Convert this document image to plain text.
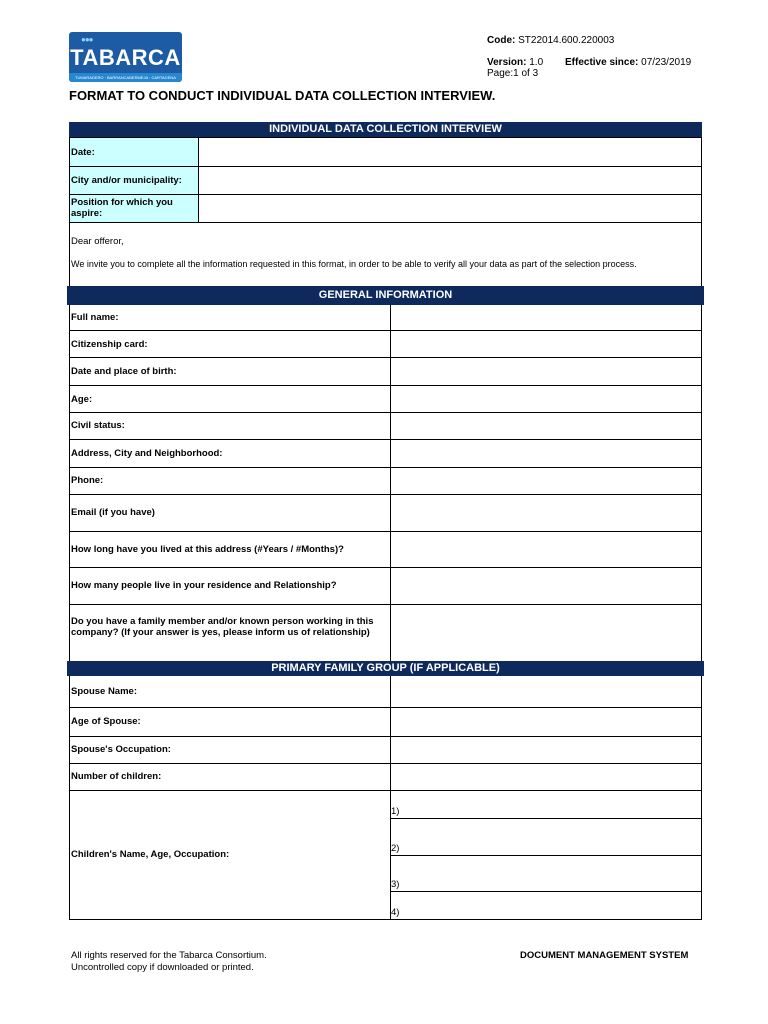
●●●
TABARCA
TUMARADERO · BARRANCABERMEJA · CARTAGENA
Code: ST22014.600.220003
Version: 1.0 Effective since: 07/23/2019
Page:1 of 3
FORMAT TO CONDUCT INDIVIDUAL DATA COLLECTION INTERVIEW.
INDIVIDUAL DATA COLLECTION INTERVIEW
Date:
City and/or municipality:
Position for which you aspire:
Dear offeror,
We invite you to complete all the information requested in this format, in order to be able to verify all your data as part of the selection process.
GENERAL INFORMATION
Full name:
Citizenship card:
Date and place of birth:
Age:
Civil status:
Address, City and Neighborhood:
Phone:
Email (if you have)
How long have you lived at this address (#Years / #Months)?
How many people live in your residence and Relationship?
Do you have a family member and/or known person working in this company? (If your answer is yes, please inform us of relationship)
PRIMARY FAMILY GROUP (IF APPLICABLE)
Spouse Name:
Age of Spouse:
Spouse's Occupation:
Number of children:
Children's Name, Age, Occupation:
1)
2)
3)
4)
All rights reserved for the Tabarca Consortium.
Uncontrolled copy if downloaded or printed.
DOCUMENT MANAGEMENT SYSTEM
